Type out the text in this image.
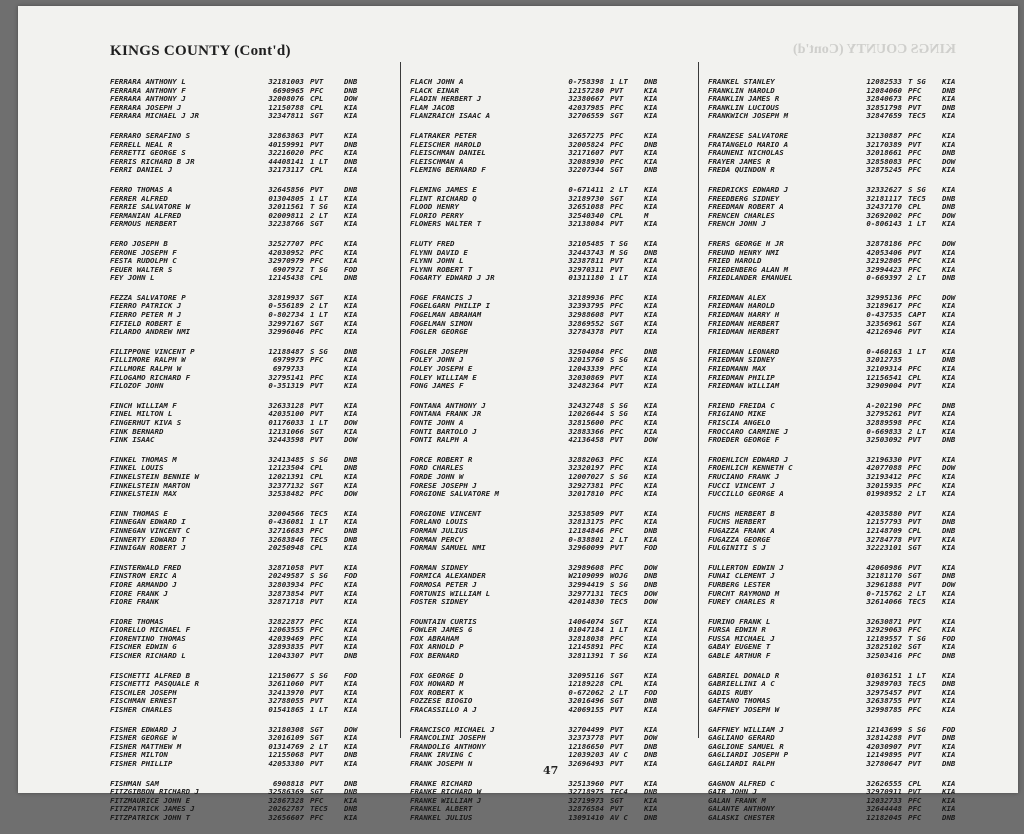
KINGS COUNTY (Cont'd)	KINGS COUNTY (Cont'd)
FERRARA ANTHONY L	32181003 PVT	DNB
FERRARA ANTHONY F	6690965 PFC	DNB
FERRARA ANTHONY J	32008076 CPL	DOW
FERRARA JOSEPH J	12150788 CPL	KIA
FERRARA MICHAEL J JR	32347811 SGT	KIA
FERRARO SERAFINO S	32863863 PVT	KIA
FERRELL NEAL R	40159991 PVT	DNB
FERRETTI GEORGE S	32216020 PFC	KIA
FERRIS RICHARD B JR	44408141 1 LT	DNB
FERRI DANIEL J	32173117 CPL	KIA
FERRO THOMAS A	32645856 PVT	DNB
FERRER ALFRED	01304805 1 LT	KIA
FERRIE SALVATORE W	32011561 T SG	KIA
FERMANIAN ALFRED	02009811 2 LT	KIA
FERMOUS HERBERT	32238766 SGT	KIA
FERO JOSEPH B	32527707 PFC	KIA
FERONE JOSEPH F	42030952 PFC	KIA
FESTA RUDOLPH C	32970979 PFC	KIA
FEUER WALTER S	6907972 T SG	FOD
FEY JOHN L	12145438 CPL	DNB
FEZZA SALVATORE P	32819937 SGT	KIA
FIERRO PATRICK J	0-556189 2 LT	KIA
FIERRO PETER M J	0-802734 1 LT	KIA
FIFIELD ROBERT E	32997167 SGT	KIA
FILARDO ANDREW NMI	32996046 PFC	KIA
FILIPPONE VINCENT P	12188487 S SG	DNB
FILLIMORE RALPH W	6979975 PFC	KIA
FILLMORE RALPH W	6979733	KIA
FILOGAMO RICHARD F	32795141 PFC	KIA
FILOZOF JOHN	0-351319 PVT	KIA
FINCH WILLIAM F	32633128 PVT	KIA
FINEL MILTON L	42035100 PVT	KIA
FINGERHUT KIVA S	01176033 1 LT	DOW
FINK BERNARD	12131066 SGT	KIA
FINK ISAAC	32443598 PVT	DOW
FINKEL THOMAS M	32413485 S SG	DNB
FINKEL LOUIS	12123504 CPL	DNB
FINKELSTEIN BENNIE W	12021391 CPL	KIA
FINKELSTEIN MARTON	32377132 SGT	KIA
FINKELSTEIN MAX	32538482 PFC	DOW
FINN THOMAS E	32004566 TEC5	KIA
FINNEGAN EDWARD I	0-436081 1 LT	KIA
FINNEGAN VINCENT C	32716683 PFC	DNB
FINNERTY EDWARD T	32683846 TEC5	DNB
FINNIGAN ROBERT J	20250948 CPL	KIA
FINSTERWALD FRED	32871058 PVT	KIA
FINSTROM ERIC A	20249587 S SG	FOD
FIORE ARMANDO J	32803934 PFC	KIA
FIORE FRANK J	32873854 PVT	KIA
FIORE FRANK	32871718 PVT	KIA
FIORE THOMAS	32822877 PFC	KIA
FIORELLO MICHAEL F	12063555 PFC	KIA
FIORENTINO THOMAS	42039469 PFC	KIA
FISCHER EDWIN G	32893835 PVT	KIA
FISCHER RICHARD L	12043307 PVT	DNB
FISCHETTI ALFRED B	12150677 S SG	FOD
FISCHETTI PASQUALE R	32611060 PVT	KIA
FISCHLER JOSEPH	32413970 PVT	KIA
FISCHMAN ERNEST	32788055 PVT	KIA
FISHER CHARLES	01541865 1 LT	KIA
FISHER EDWARD J	32180308 SGT	DOW
FISHER GEORGE W	32016109 SGT	KIA
FISHER MATTHEW M	01314769 2 LT	KIA
FISHER MILTON	12155068 PVT	DNB
FISHER PHILLIP	42053380 PVT	KIA
FISHMAN SAM	6908818 PVT	DNB
FITZGIBBON RICHARD J	32586369 SGT	DNB
FITZMAURICE JOHN E	32867328 PFC	KIA
FITZPATRICK JAMES J	20262787 TEC5	DNB
FITZPATRICK JOHN T	32656607 PFC	KIA
FLACH JOHN A	0-758398 1 LT	DNB
FLACK EINAR	12157280 PVT	KIA
FLADIN HERBERT J	32380667 PVT	KIA
FLAM JACOB	42037985 PFC	KIA
FLANZRAICH ISAAC A	32706559 SGT	KIA
FLATRAKER PETER	32657275 PFC	KIA
FLEISCHER HAROLD	32005824 PFC	DNB
FLEISCHMAN DANIEL	32171607 PVT	KIA
FLEISCHMAN A	32088930 PFC	KIA
FLEMING BERNARD F	32207344 SGT	DNB
FLEMING JAMES E	0-671411 2 LT	KIA
FLINT RICHARD Q	32189730 SGT	KIA
FLOOD HENRY	32651088 PFC	KIA
FLORIO PERRY	32540340 CPL	M
FLOWERS WALTER T	32138084 PVT	KIA
FLUTY FRED	32105485 T SG	KIA
FLYNN DAVID E	32443743 M SG	DNB
FLYNN JOHN L	32387811 PVT	KIA
FLYNN ROBERT T	32970311 PVT	KIA
FOGARTY EDWARD J JR	01311180 1 LT	KIA
FOGE FRANCIS J	32189936 PFC	KIA
FOGELGARN PHILIP I	32393795 PFC	KIA
FOGELMAN ABRAHAM	32988608 PVT	KIA
FOGELMAN SIMON	32869552 SGT	KIA
FOGLER GEORGE	32784378 PVT	KIA
FOGLER JOSEPH	32504084 PFC	DNB
FOLEY JOHN J	32015760 S SG	KIA
FOLEY JOSEPH E	12043339 PFC	KIA
FOLEY WILLIAM E	32030869 PVT	KIA
FONG JAMES F	32482364 PVT	KIA
FONTANA ANTHONY J	32432748 S SG	KIA
FONTANA FRANK JR	12026644 S SG	KIA
FONTE JOHN A	32815600 PFC	KIA
FONTI BARTOLO J	32883366 PFC	KIA
FONTI RALPH A	42136458 PVT	DOW
FORCE ROBERT R	32882063 PFC	KIA
FORD CHARLES	32320197 PFC	KIA
FORDE JOHN W	12007027 S SG	KIA
FORESE JOSEPH J	32927381 PFC	KIA
FORGIONE SALVATORE M	32017810 PFC	KIA
FORGIONE VINCENT	32538509 PVT	KIA
FORLANO LOUIS	32813175 PFC	KIA
FORMAN JULIUS	12184846 PFC	DNB
FORMAN PERCY	0-838801 2 LT	KIA
FORMAN SAMUEL NMI	32960099 PVT	FOD
FORMAN SIDNEY	32989608 PFC	DOW
FORMICA ALEXANDER	W2109099 WOJG	DNB
FORMOSA PETER J	32994419 S SG	DNB
FORTUNIS WILLIAM L	32977131 TEC5	DOW
FOSTER SIDNEY	42014830 TEC5	DOW
FOUNTAIN CURTIS	14064074 SGT	KIA
FOWLER JAMES G	01047184 1 LT	KIA
FOX ABRAHAM	32818038 PFC	KIA
FOX ARNOLD P	12145891 PFC	KIA
FOX BERNARD	32811391 T SG	KIA
FOX GEORGE D	32095116 SGT	KIA
FOX HOWARD M	12189228 CPL	KIA
FOX ROBERT K	0-672062 2 LT	FOD
FOZZESE BIOGIO	32016496 SGT	DNB
FRACASSILLO A J	42069155 PVT	KIA
FRANCISCO MICHAEL J	32704499 PVT	KIA
FRANCOLINI JOSEPH	32373778 PVT	DOW
FRANDOLIG ANTHONY	12186650 PVT	DNB
FRANK IRVING C	12039203 AV C	DNB
FRANK JOSEPH N	32696493 PVT	KIA
FRANKE RICHARD	32513960 PVT	KIA
FRANKE RICHARD W	32718975 TEC4	DNB
FRANKE WILLIAM J	32719973 SGT	KIA
FRANKEL ALBERT	32876584 PVT	KIA
FRANKEL JULIUS	13091410 AV C	DNB
FRANKEL STANLEY	12082533 T SG	KIA
FRANKLIN HAROLD	12084060 PFC	DNB
FRANKLIN JAMES R	32840673 PFC	KIA
FRANKLIN LUCIOUS	32851798 PVT	DNB
FRANKWICH JOSEPH M	32847659 TEC5	KIA
FRANZESE SALVATORE	32130887 PFC	KIA
FRATANGELO MARIO A	32170389 PVT	KIA
FRAUNENI NICHOLAS	32018661 PFC	DNB
FRAYER JAMES R	32858083 PFC	DOW
FREDA QUINDON R	32875245 PFC	KIA
FREDRICKS EDWARD J	32332627 S SG	KIA
FREEDBERG SIDNEY	32181117 TEC5	DNB
FREEDMAN ROBERT A	32437170 CPL	DNB
FRENCEN CHARLES	32692002 PFC	DOW
FRENCH JOHN J	0-806143 1 LT	KIA
FRERS GEORGE H JR	32878186 PFC	DOW
FREUND HENRY NMI	42053406 PVT	KIA
FRIED HAROLD	32192805 PFC	KIA
FRIEDENBERG ALAN M	32994423 PFC	KIA
FRIEDLANDER EMANUEL	0-669397 2 LT	DNB
FRIEDMAN ALEX	32995136 PFC	DOW
FRIEDMAN HAROLD	32189617 PFC	KIA
FRIEDMAN HARRY H	0-437535 CAPT	KIA
FRIEDMAN HERBERT	32356961 SGT	KIA
FRIEDMAN HERBERT	42126946 PVT	KIA
FRIEDMAN LEONARD	0-460163 1 LT	KIA
FRIEDMAN SIDNEY	32012735	DNB
FRIEDMANN MAX	32109314 PFC	KIA
FRIEDMAN PHILIP	12156541 CPL	KIA
FRIEDMAN WILLIAM	32909004 PVT	KIA
FRIEND FREIDA C	A-202190 PFC	DNB
FRIGIANO MIKE	32795261 PVT	KIA
FRISCIA ANGELO	32889598 PFC	KIA
FROCCARO CARMINE J	0-669833 2 LT	KIA
FROEDER GEORGE F	32503092 PVT	DNB
FROEHLICH EDWARD J	32196330 PVT	KIA
FROEHLICH KENNETH C	42077088 PFC	DOW
FRUCIANO FRANK J	32193412 PFC	KIA
FUCCI VINCENT J	32015935 PFC	KIA
FUCCILLO GEORGE A	01998952 2 LT	KIA
FUCHS HERBERT B	42035880 PVT	KIA
FUCHS HERBERT	12157793 PVT	DNB
FUGAZZA FRANK A	12148709 CPL	DNB
FUGAZZA GEORGE	32784778 PVT	KIA
FULGINITI S J	32223101 SGT	KIA
FULLERTON EDWIN J	42060986 PVT	KIA
FUNAI CLEMENT J	32181170 SGT	DNB
FURBERG LESTER	32961888 PVT	DOW
FURCHT RAYMOND M	0-715762 2 LT	KIA
FUREY CHARLES R	32614066 TEC5	KIA
FURINO FRANK L	32630871 PVT	KIA
FURSA EDWIN R	32929063 PFC	KIA
FUSSA MICHAEL J	12189557 T SG	FOD
GABAY EUGENE T	32825102 SGT	KIA
GABLE ARTHUR F	32503416 PFC	DNB
GABRIEL DONALD R	01036151 1 LT	KIA
GABRIELLINI A C	32989703 TEC5	DNB
GADIS RUBY	32975457 PVT	KIA
GAETANO THOMAS	32638755 PVT	KIA
GAFFNEY JOSEPH W	32998785 PFC	KIA
GAFFNEY WILLIAM J	12143699 S SG	FOD
GAGLIANO GERARD	32814288 PVT	DNB
GAGLIONE SAMUEL R	42030907 PVT	KIA
GAGLIARDI JOSEPH P	12149895 PVT	KIA
GAGLIARDI RALPH	32780647 PVT	DNB
GAGNON ALFRED C	32626555 CPL	KIA
GAIR JOHN J	32970911 PVT	KIA
GALAN FRANK M	12032733 PFC	KIA
GALANTE ANTHONY	32644448 PFC	KIA
GALASKI CHESTER	12182045 PFC	DNB
47
